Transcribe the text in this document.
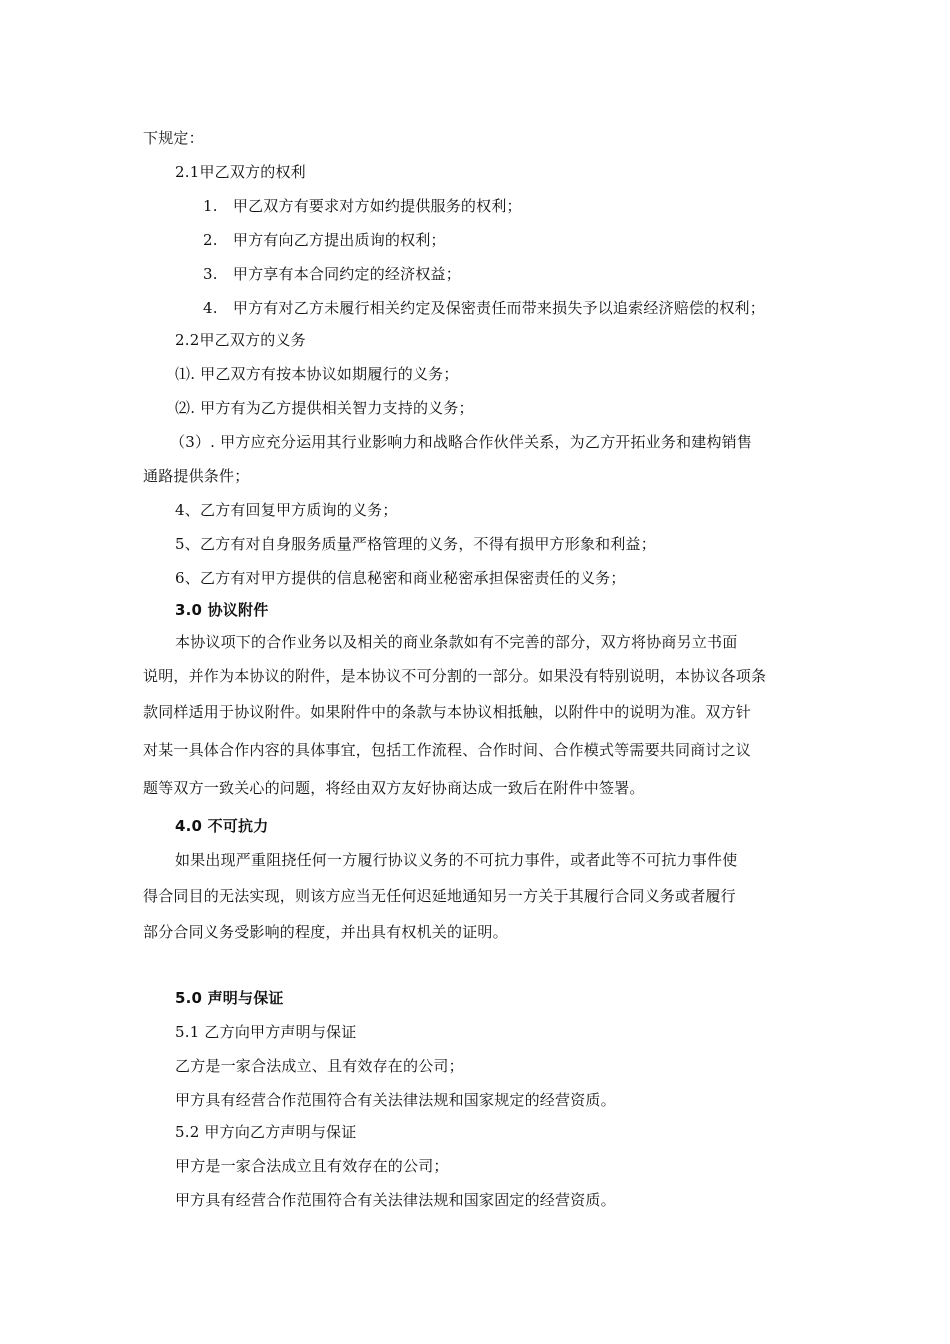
下规定：
2.1甲乙双方的权利
1.　甲乙双方有要求对方如约提供服务的权利；
2.　甲方有向乙方提出质询的权利；
3.　甲方享有本合同约定的经济权益；
4.　甲方有对乙方未履行相关约定及保密责任而带来损失予以追索经济赔偿的权利；
2.2甲乙双方的义务
⑴. 甲乙双方有按本协议如期履行的义务；
⑵. 甲方有为乙方提供相关智力支持的义务；
（3）. 甲方应充分运用其行业影响力和战略合作伙伴关系，为乙方开拓业务和建构销售
通路提供条件；
4、乙方有回复甲方质询的义务；
5、乙方有对自身服务质量严格管理的义务，不得有损甲方形象和利益；
6、乙方有对甲方提供的信息秘密和商业秘密承担保密责任的义务；
3.0 协议附件
本协议项下的合作业务以及相关的商业条款如有不完善的部分，双方将协商另立书面
说明，并作为本协议的附件，是本协议不可分割的一部分。如果没有特别说明，本协议各项条
款同样适用于协议附件。如果附件中的条款与本协议相抵触，以附件中的说明为准。双方针
对某一具体合作内容的具体事宜，包括工作流程、合作时间、合作模式等需要共同商讨之议
题等双方一致关心的问题，将经由双方友好协商达成一致后在附件中签署。
4.0 不可抗力
如果出现严重阻挠任何一方履行协议义务的不可抗力事件，或者此等不可抗力事件使
得合同目的无法实现，则该方应当无任何迟延地通知另一方关于其履行合同义务或者履行
部分合同义务受影响的程度，并出具有权机关的证明。
5.0 声明与保证
5.1 乙方向甲方声明与保证
乙方是一家合法成立、且有效存在的公司；
甲方具有经营合作范围符合有关法律法规和国家规定的经营资质。
5.2 甲方向乙方声明与保证
甲方是一家合法成立且有效存在的公司；
甲方具有经营合作范围符合有关法律法规和国家固定的经营资质。
